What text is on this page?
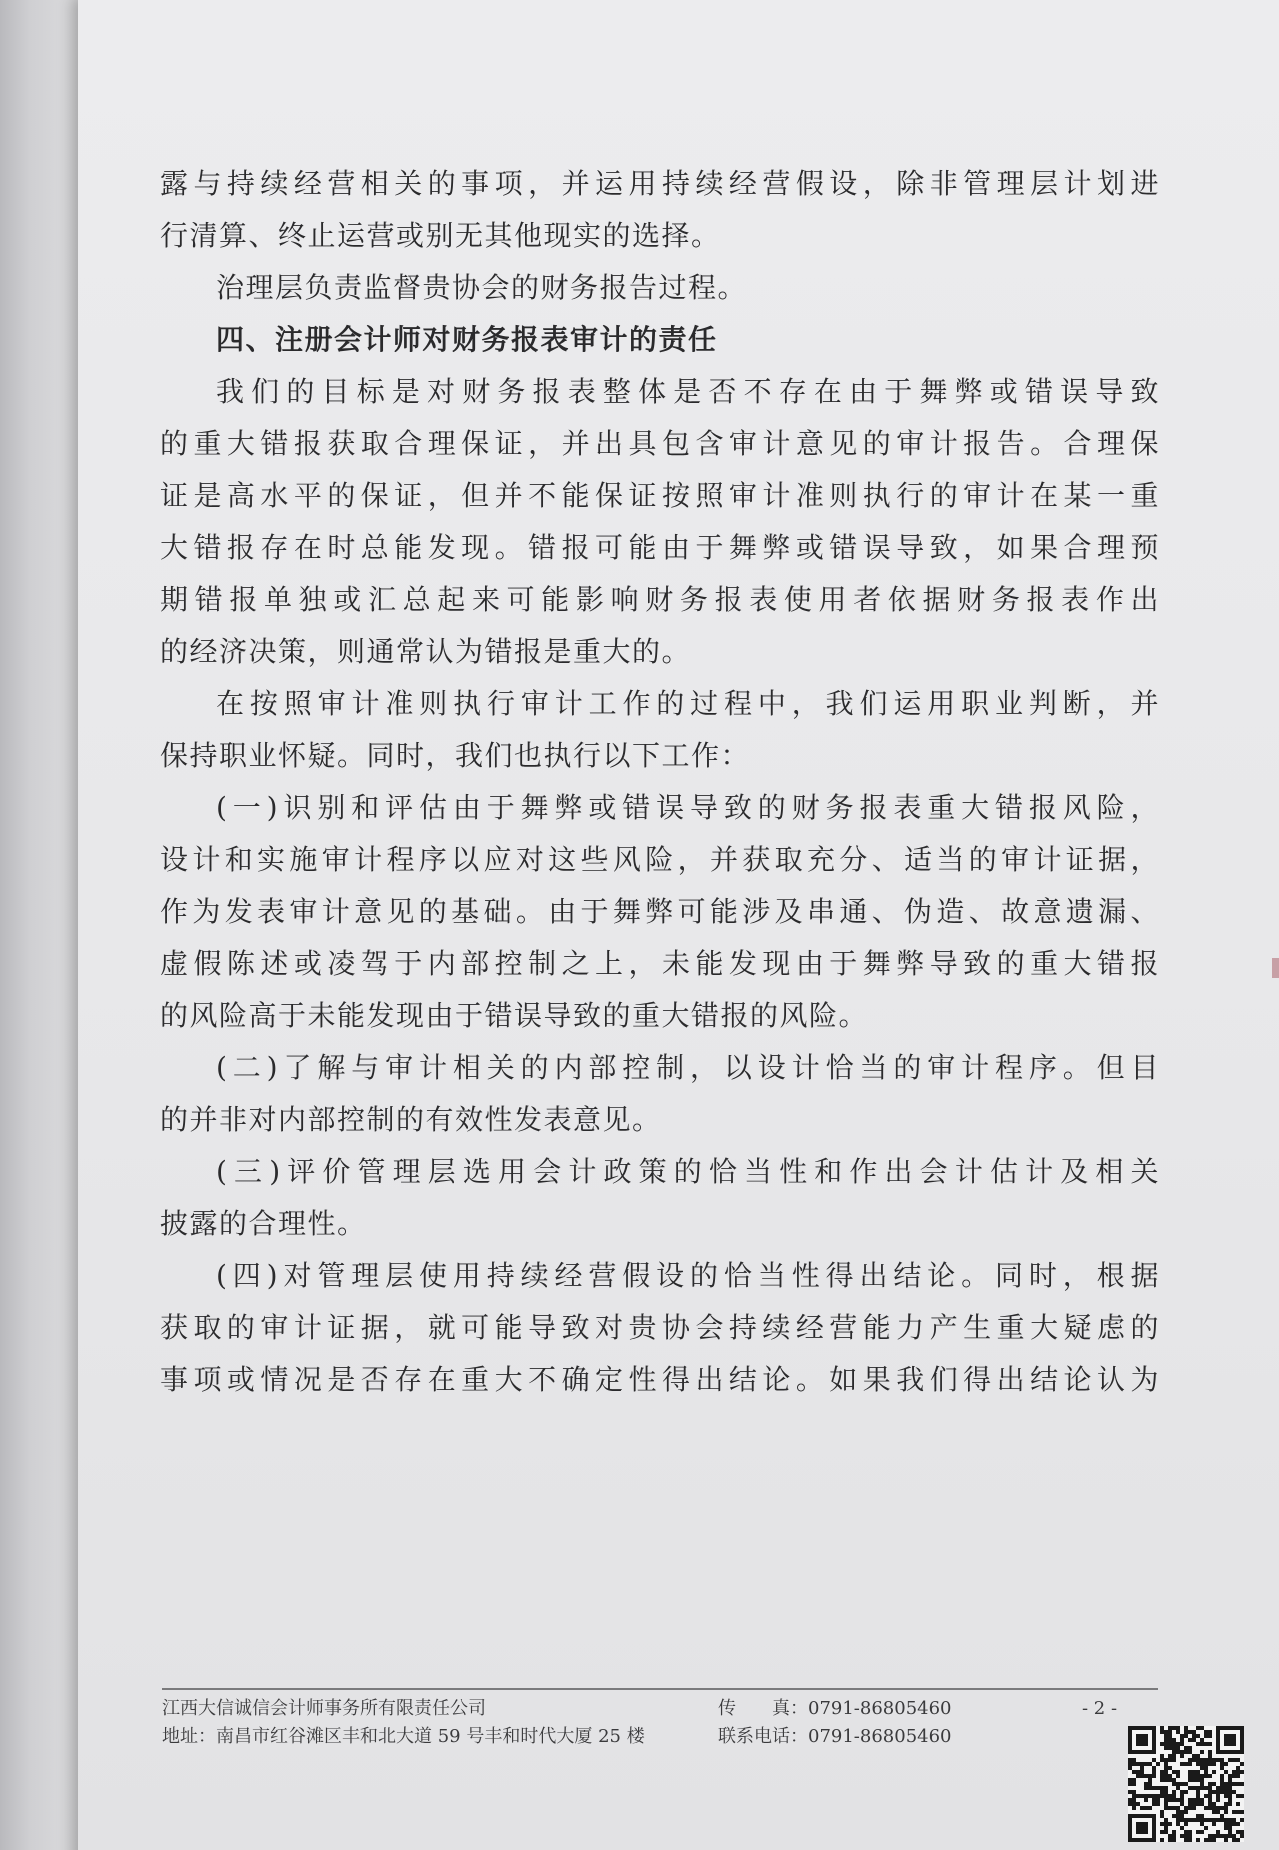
露与持续经营相关的事项，并运用持续经营假设，除非管理层计划进
行清算、终止运营或别无其他现实的选择。
治理层负责监督贵协会的财务报告过程。
四、注册会计师对财务报表审计的责任
我们的目标是对财务报表整体是否不存在由于舞弊或错误导致
的重大错报获取合理保证，并出具包含审计意见的审计报告。合理保
证是高水平的保证，但并不能保证按照审计准则执行的审计在某一重
大错报存在时总能发现。错报可能由于舞弊或错误导致，如果合理预
期错报单独或汇总起来可能影响财务报表使用者依据财务报表作出
的经济决策，则通常认为错报是重大的。
在按照审计准则执行审计工作的过程中，我们运用职业判断，并
保持职业怀疑。同时，我们也执行以下工作：
(一)识别和评估由于舞弊或错误导致的财务报表重大错报风险，
设计和实施审计程序以应对这些风险，并获取充分、适当的审计证据，
作为发表审计意见的基础。由于舞弊可能涉及串通、伪造、故意遗漏、
虚假陈述或凌驾于内部控制之上，未能发现由于舞弊导致的重大错报
的风险高于未能发现由于错误导致的重大错报的风险。
(二)了解与审计相关的内部控制，以设计恰当的审计程序。但目
的并非对内部控制的有效性发表意见。
(三)评价管理层选用会计政策的恰当性和作出会计估计及相关
披露的合理性。
(四)对管理层使用持续经营假设的恰当性得出结论。同时，根据
获取的审计证据，就可能导致对贵协会持续经营能力产生重大疑虑的
事项或情况是否存在重大不确定性得出结论。如果我们得出结论认为
江西大信诚信会计师事务所有限责任公司	传　　真：0791-86805460	- 2 -
地址：南昌市红谷滩区丰和北大道 59 号丰和时代大厦 25 楼	联系电话：0791-86805460
